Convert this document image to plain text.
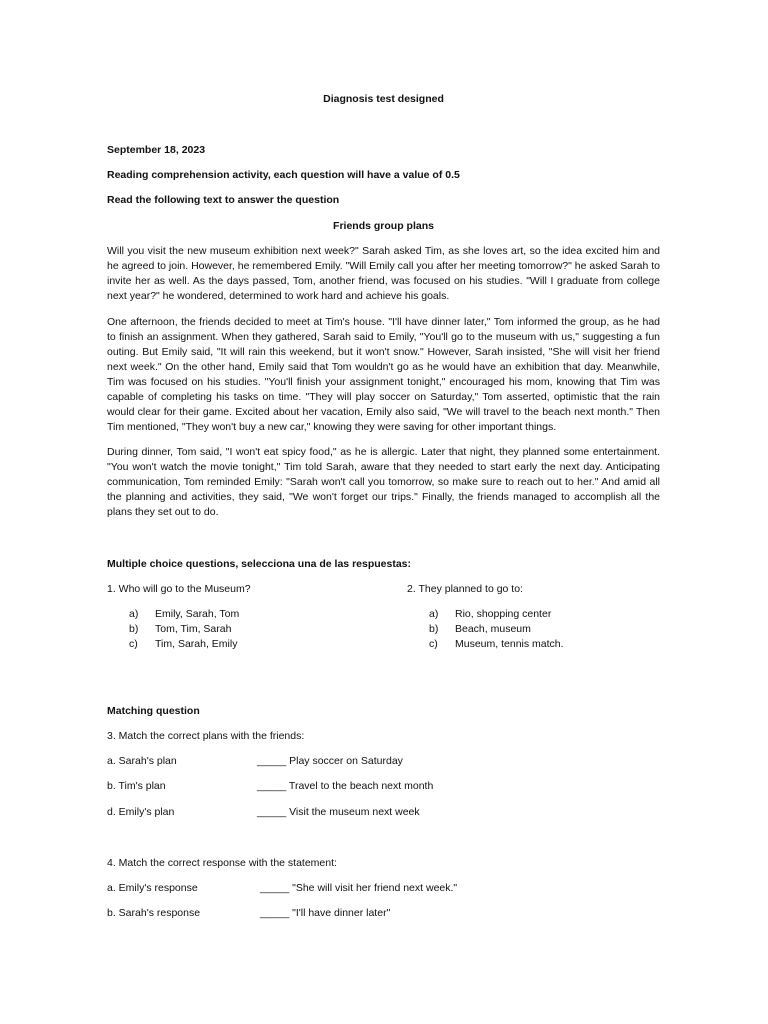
Diagnosis test designed
September 18, 2023
Reading comprehension activity, each question will have a value of 0.5
Read the following text to answer the question
Friends group plans
Will you visit the new museum exhibition next week?" Sarah asked Tim, as she loves art, so the idea excited him and he agreed to join. However, he remembered Emily. "Will Emily call you after her meeting tomorrow?" he asked Sarah to invite her as well. As the days passed, Tom, another friend, was focused on his studies. "Will I graduate from college next year?" he wondered, determined to work hard and achieve his goals.
One afternoon, the friends decided to meet at Tim's house. "I'll have dinner later," Tom informed the group, as he had to finish an assignment. When they gathered, Sarah said to Emily, "You'll go to the museum with us," suggesting a fun outing. But Emily said, "It will rain this weekend, but it won't snow." However, Sarah insisted, "She will visit her friend next week." On the other hand, Emily said that Tom wouldn't go as he would have an exhibition that day. Meanwhile, Tim was focused on his studies. "You'll finish your assignment tonight," encouraged his mom, knowing that Tim was capable of completing his tasks on time. "They will play soccer on Saturday," Tom asserted, optimistic that the rain would clear for their game. Excited about her vacation, Emily also said, "We will travel to the beach next month." Then Tim mentioned, "They won't buy a new car," knowing they were saving for other important things.
During dinner, Tom said, "I won't eat spicy food," as he is allergic. Later that night, they planned some entertainment. "You won't watch the movie tonight," Tim told Sarah, aware that they needed to start early the next day. Anticipating communication, Tom reminded Emily: "Sarah won't call you tomorrow, so make sure to reach out to her." And amid all the planning and activities, they said, "We won't forget our trips." Finally, the friends managed to accomplish all the plans they set out to do.
Multiple choice questions, selecciona una de las respuestas:
1. Who will go to the Museum?
a) Emily, Sarah, Tom
b) Tom, Tim, Sarah
c) Tim, Sarah, Emily
2. They planned to go to:
a) Rio, shopping center
b) Beach, museum
c) Museum, tennis match.
Matching question
3. Match the correct plans with the friends:
a. Sarah's plan	_____ Play soccer on Saturday
b. Tim's plan	_____ Travel to the beach next month
d. Emily's plan	_____ Visit the museum next week
4. Match the correct response with the statement:
a. Emily's response	_____ "She will visit her friend next week."
b. Sarah's response	_____ "I'll have dinner later"
